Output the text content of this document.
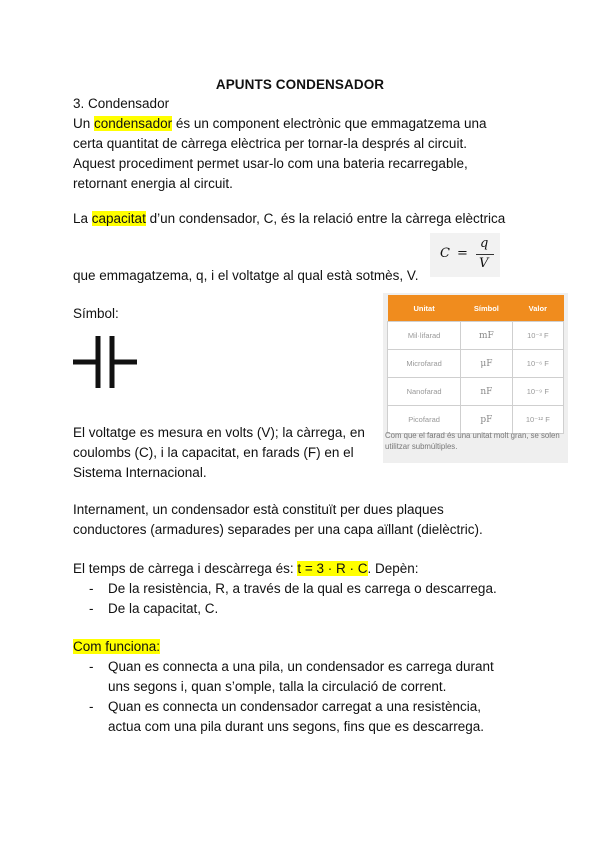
APUNTS CONDENSADOR
3. Condensador
Un condensador és un component electrònic que emmagatzema una
certa quantitat de càrrega elèctrica per tornar-la després al circuit.
Aquest procediment permet usar-lo com una bateria recarregable,
retornant energia al circuit.
La capacitat d’un condensador, C, és la relació entre la càrrega elèctrica
C =
q
V
que emmagatzema, q, i el voltatge al qual està sotmès, V.
Símbol:	Unitat	Símbol	Valor
Mil·lifarad	mF	10⁻³ F
Microfarad	μF	10⁻⁶ F
Nanofarad	nF	10⁻⁹ F
Picofarad	pF	10⁻¹² F
Com que el farad és una unitat molt gran, se solen utilitzar submúltiples.
El voltatge es mesura en volts (V); la càrrega, en
coulombs (C), i la capacitat, en farads (F) en el
Sistema Internacional.
Internament, un condensador està constituït per dues plaques
conductores (armadures) separades per una capa aïllant (dielèctric).
El temps de càrrega i descàrrega és: t = 3 · R · C. Depèn:
- De la resistència, R, a través de la qual es carrega o descarrega.
- De la capacitat, C.
Com funciona:
- Quan es connecta a una pila, un condensador es carrega durant
uns segons i, quan s’omple, talla la circulació de corrent.
- Quan es connecta un condensador carregat a una resistència,
actua com una pila durant uns segons, fins que es descarrega.
